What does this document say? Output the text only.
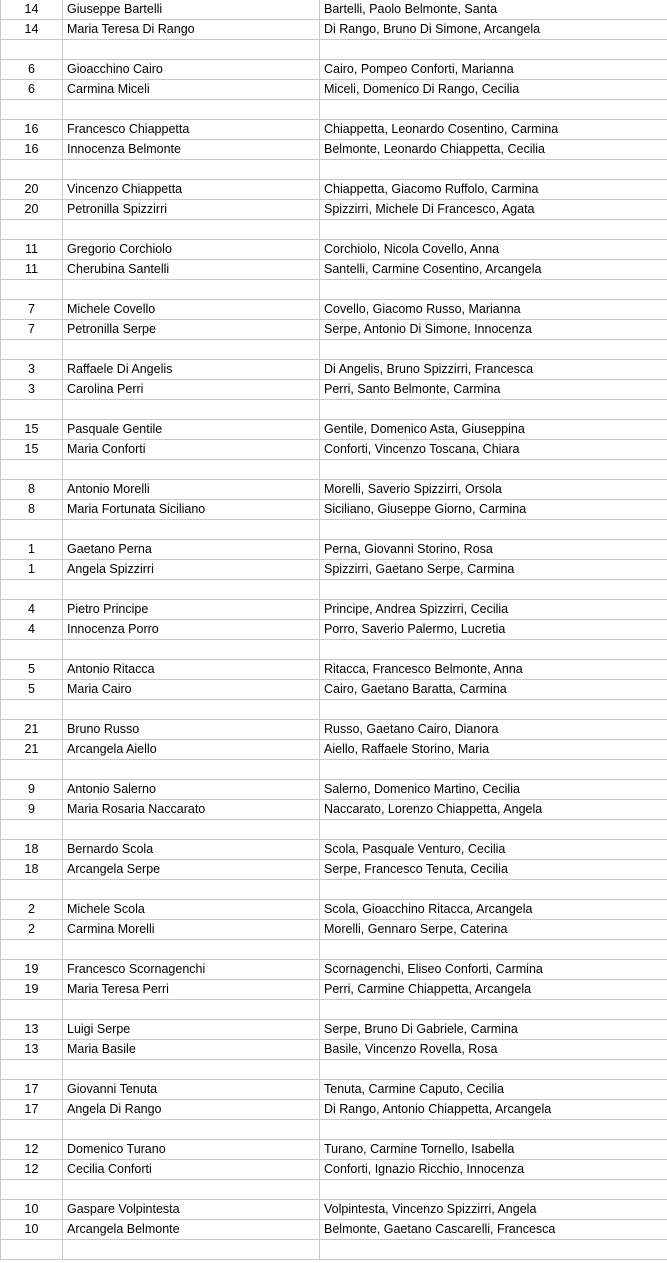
14	Giuseppe Bartelli	Bartelli, Paolo Belmonte, Santa
14	Maria Teresa Di Rango	Di Rango, Bruno Di Simone, Arcangela

6	Gioacchino Cairo	Cairo, Pompeo Conforti, Marianna
6	Carmina Miceli	Miceli, Domenico Di Rango, Cecilia

16	Francesco Chiappetta	Chiappetta, Leonardo Cosentino, Carmina
16	Innocenza Belmonte	Belmonte, Leonardo Chiappetta, Cecilia

20	Vincenzo Chiappetta	Chiappetta, Giacomo Ruffolo, Carmina
20	Petronilla Spizzirri	Spizzirri, Michele Di Francesco, Agata

11	Gregorio Corchiolo	Corchiolo, Nicola Covello, Anna
11	Cherubina Santelli	Santelli, Carmine Cosentino, Arcangela

7	Michele Covello	Covello, Giacomo Russo, Marianna
7	Petronilla Serpe	Serpe, Antonio Di Simone, Innocenza

3	Raffaele Di Angelis	Di Angelis, Bruno Spizzirri, Francesca
3	Carolina Perri	Perri, Santo Belmonte, Carmina

15	Pasquale Gentile	Gentile, Domenico Asta, Giuseppina
15	Maria Conforti	Conforti, Vincenzo Toscana, Chiara

8	Antonio Morelli	Morelli, Saverio Spizzirri, Orsola
8	Maria Fortunata Siciliano	Siciliano, Giuseppe Giorno, Carmina

1	Gaetano Perna	Perna, Giovanni Storino, Rosa
1	Angela Spizzirri	Spizzirri, Gaetano Serpe, Carmina

4	Pietro Principe	Principe, Andrea Spizzirri, Cecilia
4	Innocenza Porro	Porro, Saverio Palermo, Lucretia

5	Antonio Ritacca	Ritacca, Francesco Belmonte, Anna
5	Maria Cairo	Cairo, Gaetano Baratta, Carmina

21	Bruno Russo	Russo, Gaetano Cairo, Dianora
21	Arcangela Aiello	Aiello, Raffaele Storino, Maria

9	Antonio Salerno	Salerno, Domenico Martino, Cecilia
9	Maria Rosaria Naccarato	Naccarato, Lorenzo Chiappetta, Angela

18	Bernardo Scola	Scola, Pasquale Venturo, Cecilia
18	Arcangela Serpe	Serpe, Francesco Tenuta, Cecilia

2	Michele Scola	Scola, Gioacchino Ritacca, Arcangela
2	Carmina Morelli	Morelli, Gennaro Serpe, Caterina

19	Francesco Scornagenchi	Scornagenchi, Eliseo Conforti, Carmina
19	Maria Teresa Perri	Perri, Carmine Chiappetta, Arcangela

13	Luigi Serpe	Serpe, Bruno Di Gabriele, Carmina
13	Maria Basile	Basile, Vincenzo Rovella, Rosa

17	Giovanni Tenuta	Tenuta, Carmine Caputo, Cecilia
17	Angela Di Rango	Di Rango, Antonio Chiappetta, Arcangela

12	Domenico Turano	Turano, Carmine Tornello, Isabella
12	Cecilia Conforti	Conforti, Ignazio Ricchio, Innocenza

10	Gaspare Volpintesta	Volpintesta, Vincenzo Spizzirri, Angela
10	Arcangela Belmonte	Belmonte, Gaetano Cascarelli, Francesca
